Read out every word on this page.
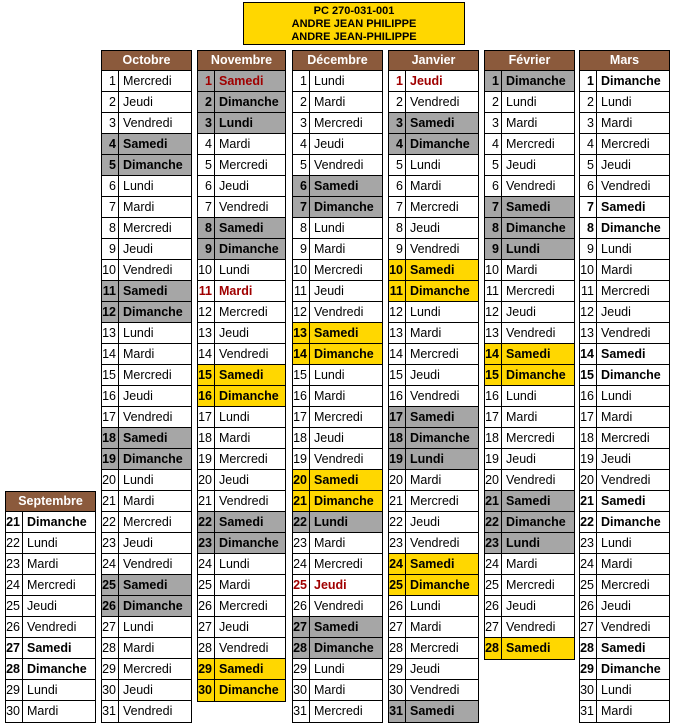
PC 270-031-001
ANDRE JEAN PHILIPPE
ANDRE JEAN-PHILIPPE
Septembre
21 Dimanche
22 Lundi
23 Mardi
24 Mercredi
25 Jeudi
26 Vendredi
27 Samedi
28 Dimanche
29 Lundi
30 Mardi
Octobre
1 Mercredi
2 Jeudi
3 Vendredi
4 Samedi
5 Dimanche
6 Lundi
7 Mardi
8 Mercredi
9 Jeudi
10 Vendredi
11 Samedi
12 Dimanche
13 Lundi
14 Mardi
15 Mercredi
16 Jeudi
17 Vendredi
18 Samedi
19 Dimanche
20 Lundi
21 Mardi
22 Mercredi
23 Jeudi
24 Vendredi
25 Samedi
26 Dimanche
27 Lundi
28 Mardi
29 Mercredi
30 Jeudi
31 Vendredi
Novembre
1 Samedi
2 Dimanche
3 Lundi
4 Mardi
5 Mercredi
6 Jeudi
7 Vendredi
8 Samedi
9 Dimanche
10 Lundi
11 Mardi
12 Mercredi
13 Jeudi
14 Vendredi
15 Samedi
16 Dimanche
17 Lundi
18 Mardi
19 Mercredi
20 Jeudi
21 Vendredi
22 Samedi
23 Dimanche
24 Lundi
25 Mardi
26 Mercredi
27 Jeudi
28 Vendredi
29 Samedi
30 Dimanche
Décembre
1 Lundi
2 Mardi
3 Mercredi
4 Jeudi
5 Vendredi
6 Samedi
7 Dimanche
8 Lundi
9 Mardi
10 Mercredi
11 Jeudi
12 Vendredi
13 Samedi
14 Dimanche
15 Lundi
16 Mardi
17 Mercredi
18 Jeudi
19 Vendredi
20 Samedi
21 Dimanche
22 Lundi
23 Mardi
24 Mercredi
25 Jeudi
26 Vendredi
27 Samedi
28 Dimanche
29 Lundi
30 Mardi
31 Mercredi
Janvier
1 Jeudi
2 Vendredi
3 Samedi
4 Dimanche
5 Lundi
6 Mardi
7 Mercredi
8 Jeudi
9 Vendredi
10 Samedi
11 Dimanche
12 Lundi
13 Mardi
14 Mercredi
15 Jeudi
16 Vendredi
17 Samedi
18 Dimanche
19 Lundi
20 Mardi
21 Mercredi
22 Jeudi
23 Vendredi
24 Samedi
25 Dimanche
26 Lundi
27 Mardi
28 Mercredi
29 Jeudi
30 Vendredi
31 Samedi
Février
1 Dimanche
2 Lundi
3 Mardi
4 Mercredi
5 Jeudi
6 Vendredi
7 Samedi
8 Dimanche
9 Lundi
10 Mardi
11 Mercredi
12 Jeudi
13 Vendredi
14 Samedi
15 Dimanche
16 Lundi
17 Mardi
18 Mercredi
19 Jeudi
20 Vendredi
21 Samedi
22 Dimanche
23 Lundi
24 Mardi
25 Mercredi
26 Jeudi
27 Vendredi
28 Samedi
Mars
1 Dimanche
2 Lundi
3 Mardi
4 Mercredi
5 Jeudi
6 Vendredi
7 Samedi
8 Dimanche
9 Lundi
10 Mardi
11 Mercredi
12 Jeudi
13 Vendredi
14 Samedi
15 Dimanche
16 Lundi
17 Mardi
18 Mercredi
19 Jeudi
20 Vendredi
21 Samedi
22 Dimanche
23 Lundi
24 Mardi
25 Mercredi
26 Jeudi
27 Vendredi
28 Samedi
29 Dimanche
30 Lundi
31 Mardi
